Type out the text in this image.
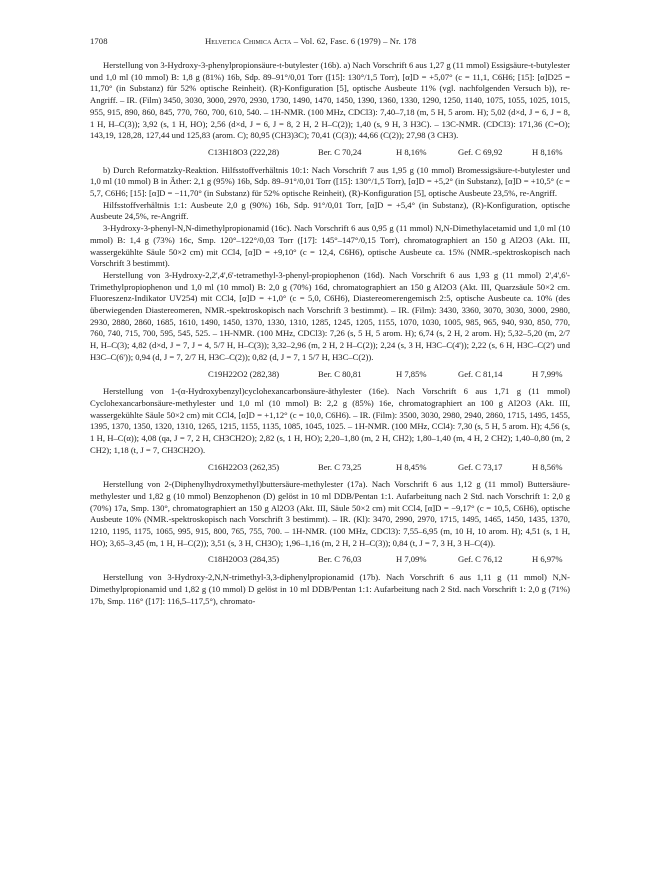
1708	Helvetica Chimica Acta – Vol. 62, Fasc. 6 (1979) – Nr. 178

Herstellung von 3-Hydroxy-3-phenylpropionsäure-t-butylester (16b). a) Nach Vorschrift 6 aus 1,27 g (11 mmol) Essigsäure-t-butylester und 1,0 ml (10 mmol) B: 1,8 g (81%) 16b, Sdp. 89–91°/0,01 Torr ([15]: 130°/1,5 Torr), [α]D = +5,07° (c = 11,1, C6H6; [15]: [α]D25 = 11,70° (in Substanz) für 52% optische Reinheit). (R)-Konfiguration [5], optische Ausbeute 11% (vgl. nachfolgenden Versuch b)), re-Angriff. – IR. (Film) 3450, 3030, 3000, 2970, 2930, 1730, 1490, 1470, 1450, 1390, 1360, 1330, 1290, 1250, 1140, 1075, 1055, 1025, 1015, 955, 915, 890, 860, 845, 770, 760, 700, 610, 540. – 1H-NMR. (100 MHz, CDCl3): 7,40–7,18 (m, 5 H, 5 arom. H); 5,02 (d×d, J = 6, J = 8, 1 H, H–C(3)); 3,92 (s, 1 H, HO); 2,56 (d×d, J = 6, J = 8, 2 H, 2 H–C(2)); 1,40 (s, 9 H, 3 H3C). – 13C-NMR. (CDCl3): 171,36 (C=O); 143,19, 128,28, 127,44 und 125,83 (arom. C); 80,95 (CH3)3C); 70,41 (C(3)); 44,66 (C(2)); 27,98 (3 CH3).

C13H18O3 (222,28)	Ber. C 70,24	H 8,16%	Gef. C 69,92	H 8,16%

b) Durch Reformatzky-Reaktion. Hilfsstoffverhältnis 10:1: Nach Vorschrift 7 aus 1,95 g (10 mmol) Bromessigsäure-t-butylester und 1,0 ml (10 mmol) B in Äther: 2,1 g (95%) 16b, Sdp. 89–91°/0,01 Torr ([15]: 130°/1,5 Torr), [α]D = +5,2° (in Substanz), [α]D = +10,5° (c = 5,7, C6H6; [15]: [α]D = −11,70° (in Substanz) für 52% optische Reinheit), (R)-Konfiguration [5], optische Ausbeute 23,5%, re-Angriff.

Hilfsstoffverhältnis 1:1: Ausbeute 2,0 g (90%) 16b, Sdp. 91°/0,01 Torr, [α]D = +5,4° (in Substanz), (R)-Konfiguration, optische Ausbeute 24,5%, re-Angriff.

3-Hydroxy-3-phenyl-N,N-dimethylpropionamid (16c). Nach Vorschrift 6 aus 0,95 g (11 mmol) N,N-Dimethylacetamid und 1,0 ml (10 mmol) B: 1,4 g (73%) 16c, Smp. 120°–122°/0,03 Torr ([17]: 145°–147°/0,15 Torr), chromatographiert an 150 g Al2O3 (Akt. III, wassergekühlte Säule 50×2 cm) mit CCl4, [α]D = +9,10° (c = 12,4, C6H6), optische Ausbeute ca. 15% (NMR.-spektroskopisch nach Vorschrift 3 bestimmt).

Herstellung von 3-Hydroxy-2,2',4',6'-tetramethyl-3-phenyl-propiophenon (16d). Nach Vorschrift 6 aus 1,93 g (11 mmol) 2',4',6'-Trimethylpropiophenon und 1,0 ml (10 mmol) B: 2,0 g (70%) 16d, chromatographiert an 150 g Al2O3 (Akt. III, Quarzsäule 50×2 cm. Fluoreszenz-Indikator UV254) mit CCl4, [α]D = +1,0° (c = 5,0, C6H6), Diastereomerengemisch 2:5, optische Ausbeute ca. 10% (des überwiegenden Diastereomeren, NMR.-spektroskopisch nach Vorschrift 3 bestimmt). – IR. (Film): 3430, 3360, 3070, 3030, 3000, 2980, 2930, 2880, 2860, 1685, 1610, 1490, 1450, 1370, 1330, 1310, 1285, 1245, 1205, 1155, 1070, 1030, 1005, 985, 965, 940, 930, 850, 770, 760, 740, 715, 700, 595, 545, 525. – 1H-NMR. (100 MHz, CDCl3): 7,26 (s, 5 H, 5 arom. H); 6,74 (s, 2 H, 2 arom. H); 5,32–5,20 (m, 2/7 H, H–C(3); 4,82 (d×d, J = 7, J = 4, 5/7 H, H–C(3)); 3,32–2,96 (m, 2 H, 2 H–C(2)); 2,24 (s, 3 H, H3C–C(4')); 2,22 (s, 6 H, H3C–C(2') und H3C–C(6')); 0,94 (d, J = 7, 2/7 H, H3C–C(2)); 0,82 (d, J = 7, 1 5/7 H, H3C–C(2)).

C19H22O2 (282,38)	Ber. C 80,81	H 7,85%	Gef. C 81,14	H 7,99%

Herstellung von 1-(α-Hydroxybenzyl)cyclohexancarbonsäure-äthylester (16e). Nach Vorschrift 6 aus 1,71 g (11 mmol) Cyclohexancarbonsäure-methylester und 1,0 ml (10 mmol) B: 2,2 g (85%) 16e, chromatographiert an 100 g Al2O3 (Akt. III, wassergekühlte Säule 50×2 cm) mit CCl4, [α]D = +1,12° (c = 10,0, C6H6). – IR. (Film): 3500, 3030, 2980, 2940, 2860, 1715, 1495, 1455, 1395, 1370, 1350, 1320, 1310, 1265, 1215, 1155, 1135, 1085, 1045, 1025. – 1H-NMR. (100 MHz, CCl4): 7,30 (s, 5 H, 5 arom. H); 4,56 (s, 1 H, H–C(α)); 4,08 (qa, J = 7, 2 H, CH3CH2O); 2,82 (s, 1 H, HO); 2,20–1,80 (m, 2 H, CH2); 1,80–1,40 (m, 4 H, 2 CH2); 1,40–0,80 (m, 2 CH2); 1,18 (t, J = 7, CH3CH2O).

C16H22O3 (262,35)	Ber. C 73,25	H 8,45%	Gef. C 73,17	H 8,56%

Herstellung von 2-(Diphenylhydroxymethyl)buttersäure-methylester (17a). Nach Vorschrift 6 aus 1,12 g (11 mmol) Buttersäure-methylester und 1,82 g (10 mmol) Benzophenon (D) gelöst in 10 ml DDB/Pentan 1:1. Aufarbeitung nach 2 Std. nach Vorschrift 1: 2,0 g (70%) 17a, Smp. 130°, chromatographiert an 150 g Al2O3 (Akt. III, Säule 50×2 cm) mit CCl4, [α]D = −9,17° (c = 10,5, C6H6), optische Ausbeute 10% (NMR.-spektroskopisch nach Vorschrift 3 bestimmt). – IR. (Kl): 3470, 2990, 2970, 1715, 1495, 1465, 1450, 1435, 1370, 1210, 1195, 1175, 1065, 995, 915, 800, 765, 755, 700. – 1H-NMR. (100 MHz, CDCl3): 7,55–6,95 (m, 10 H, 10 arom. H); 4,51 (s, 1 H, HO); 3,65–3,45 (m, 1 H, H–C(2)); 3,51 (s, 3 H, CH3O); 1,96–1,16 (m, 2 H, 2 H–C(3)); 0,84 (t, J = 7, 3 H, 3 H–C(4)).

C18H20O3 (284,35)	Ber. C 76,03	H 7,09%	Gef. C 76,12	H 6,97%

Herstellung von 3-Hydroxy-2,N,N-trimethyl-3,3-diphenylpropionamid (17b). Nach Vorschrift 6 aus 1,11 g (11 mmol) N,N-Dimethylpropionamid und 1,82 g (10 mmol) D gelöst in 10 ml DDB/Pentan 1:1: Aufarbeitung nach 2 Std. nach Vorschrift 1: 2,0 g (71%) 17b, Smp. 116° ([17]: 116,5–117,5°), chromato-
